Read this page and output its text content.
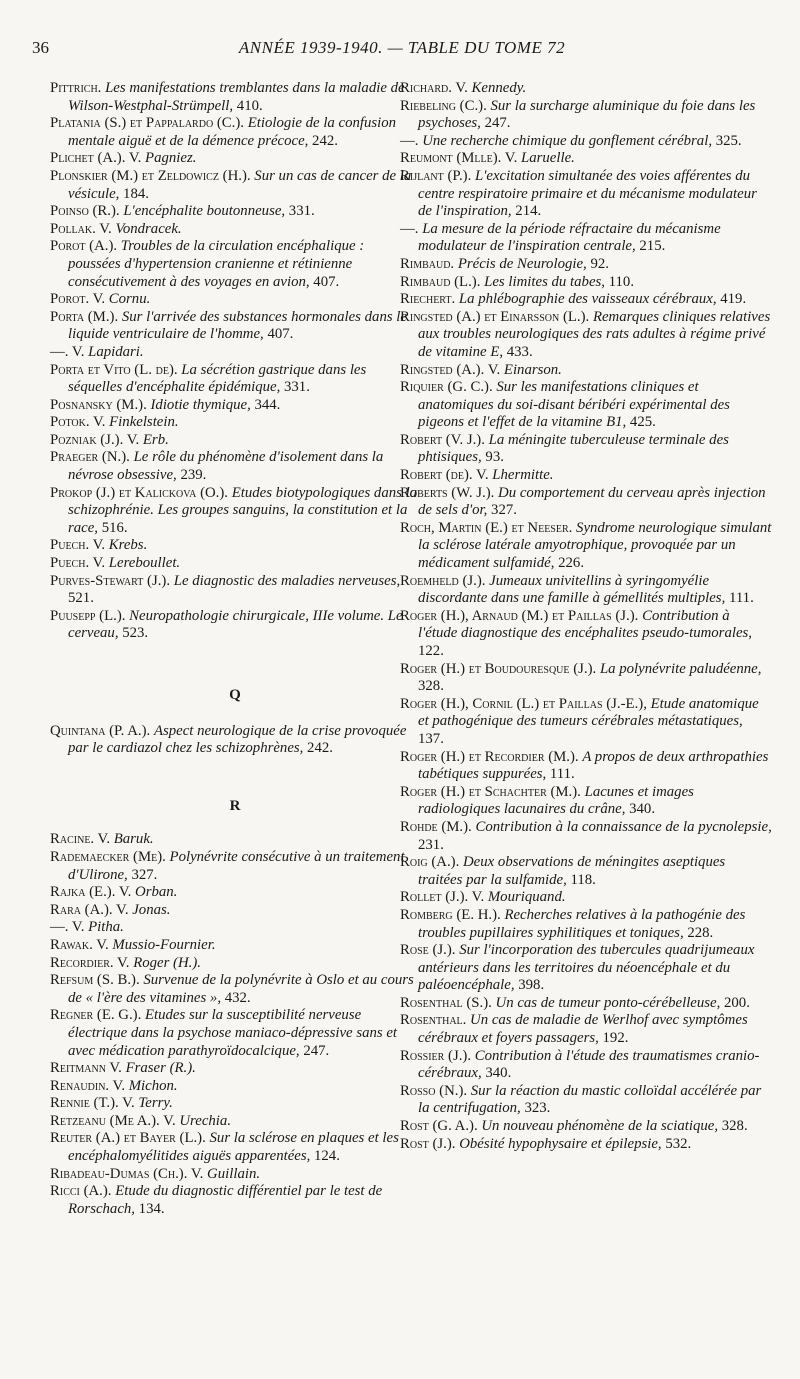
36	ANNÉE 1939-1940. — TABLE DU TOME 72

Pittrich. Les manifestations tremblantes dans la maladie de Wilson-Westphal-Strümpell, 410.

Platania (S.) et Pappalardo (C.). Etiologie de la confusion mentale aiguë et de la démence précoce, 242.

Plichet (A.). V. Pagniez.

Plonskier (M.) et Zeldowicz (H.). Sur un cas de cancer de la vésicule, 184.

Poinso (R.). L'encéphalite boutonneuse, 331.

Pollak. V. Vondracek.

Porot (A.). Troubles de la circulation encéphalique : poussées d'hypertension cranienne et rétinienne consécutivement à des voyages en avion, 407.

Porot. V. Cornu.

Porta (M.). Sur l'arrivée des substances hormonales dans le liquide ventriculaire de l'homme, 407.

—. V. Lapidari.

Porta et Vito (L. de). La sécrétion gastrique dans les séquelles d'encéphalite épidémique, 331.

Posnansky (M.). Idiotie thymique, 344.

Potok. V. Finkelstein.

Pozniak (J.). V. Erb.

Praeger (N.). Le rôle du phénomène d'isolement dans la névrose obsessive, 239.

Prokop (J.) et Kalickova (O.). Etudes biotypologiques dans la schizophrénie. Les groupes sanguins, la constitution et la race, 516.

Puech. V. Krebs.

Puech. V. Lereboullet.

Purves-Stewart (J.). Le diagnostic des maladies nerveuses, 521.

Puusepp (L.). Neuropathologie chirurgicale, IIIe volume. Le cerveau, 523.

Q

Quintana (P. A.). Aspect neurologique de la crise provoquée par le cardiazol chez les schizophrènes, 242.

R

Racine. V. Baruk.

Rademaecker (Me). Polynévrite consécutive à un traitement d'Ulirone, 327.

Rajka (E.). V. Orban.

Rara (A.). V. Jonas.

—. V. Pitha.

Rawak. V. Mussio-Fournier.

Recordier. V. Roger (H.).

Refsum (S. B.). Survenue de la polynévrite à Oslo et au cours de « l'ère des vitamines », 432.

Regner (E. G.). Etudes sur la susceptibilité nerveuse électrique dans la psychose maniaco-dépressive sans et avec médication parathyroïdocalcique, 247.

Reitmann V. Fraser (R.).

Renaudin. V. Michon.

Rennie (T.). V. Terry.

Retzeanu (Me A.). V. Urechia.

Reuter (A.) et Bayer (L.). Sur la sclérose en plaques et les encéphalomyélitides aiguës apparentées, 124.

Ribadeau-Dumas (Ch.). V. Guillain.

Ricci (A.). Etude du diagnostic différentiel par le test de Rorschach, 134.

Richard. V. Kennedy.

Riebeling (C.). Sur la surcharge aluminique du foie dans les psychoses, 247.

—. Une recherche chimique du gonflement cérébral, 325.

Reumont (Mlle). V. Laruelle.

Rijlant (P.). L'excitation simultanée des voies afférentes du centre respiratoire primaire et du mécanisme modulateur de l'inspiration, 214.

—. La mesure de la période réfractaire du mécanisme modulateur de l'inspiration centrale, 215.

Rimbaud. Précis de Neurologie, 92.

Rimbaud (L.). Les limites du tabes, 110.

Riechert. La phlébographie des vaisseaux cérébraux, 419.

Ringsted (A.) et Einarsson (L.). Remarques cliniques relatives aux troubles neurologiques des rats adultes à régime privé de vitamine E, 433.

Ringsted (A.). V. Einarson.

Riquier (G. C.). Sur les manifestations cliniques et anatomiques du soi-disant béribéri expérimental des pigeons et l'effet de la vitamine B1, 425.

Robert (V. J.). La méningite tuberculeuse terminale des phtisiques, 93.

Robert (de). V. Lhermitte.

Roberts (W. J.). Du comportement du cerveau après injection de sels d'or, 327.

Roch, Martin (E.) et Neeser. Syndrome neurologique simulant la sclérose latérale amyotrophique, provoquée par un médicament sulfamidé, 226.

Roemheld (J.). Jumeaux univitellins à syringomyélie discordante dans une famille à gémellités multiples, 111.

Roger (H.), Arnaud (M.) et Paillas (J.). Contribution à l'étude diagnostique des encéphalites pseudo-tumorales, 122.

Roger (H.) et Boudouresque (J.). La polynévrite paludéenne, 328.

Roger (H.), Cornil (L.) et Paillas (J.-E.), Etude anatomique et pathogénique des tumeurs cérébrales métastatiques, 137.

Roger (H.) et Recordier (M.). A propos de deux arthropathies tabétiques suppurées, 111.

Roger (H.) et Schachter (M.). Lacunes et images radiologiques lacunaires du crâne, 340.

Rohde (M.). Contribution à la connaissance de la pycnolepsie, 231.

Roig (A.). Deux observations de méningites aseptiques traitées par la sulfamide, 118.

Rollet (J.). V. Mouriquand.

Romberg (E. H.). Recherches relatives à la pathogénie des troubles pupillaires syphilitiques et toniques, 228.

Rose (J.). Sur l'incorporation des tubercules quadrijumeaux antérieurs dans les territoires du néoencéphale et du paléoencéphale, 398.

Rosenthal (S.). Un cas de tumeur ponto-cérébelleuse, 200.

Rosenthal. Un cas de maladie de Werlhof avec symptômes cérébraux et foyers passagers, 192.

Rossier (J.). Contribution à l'étude des traumatismes cranio-cérébraux, 340.

Rosso (N.). Sur la réaction du mastic colloïdal accélérée par la centrifugation, 323.

Rost (G. A.). Un nouveau phénomène de la sciatique, 328.

Rost (J.). Obésité hypophysaire et épilepsie, 532.
